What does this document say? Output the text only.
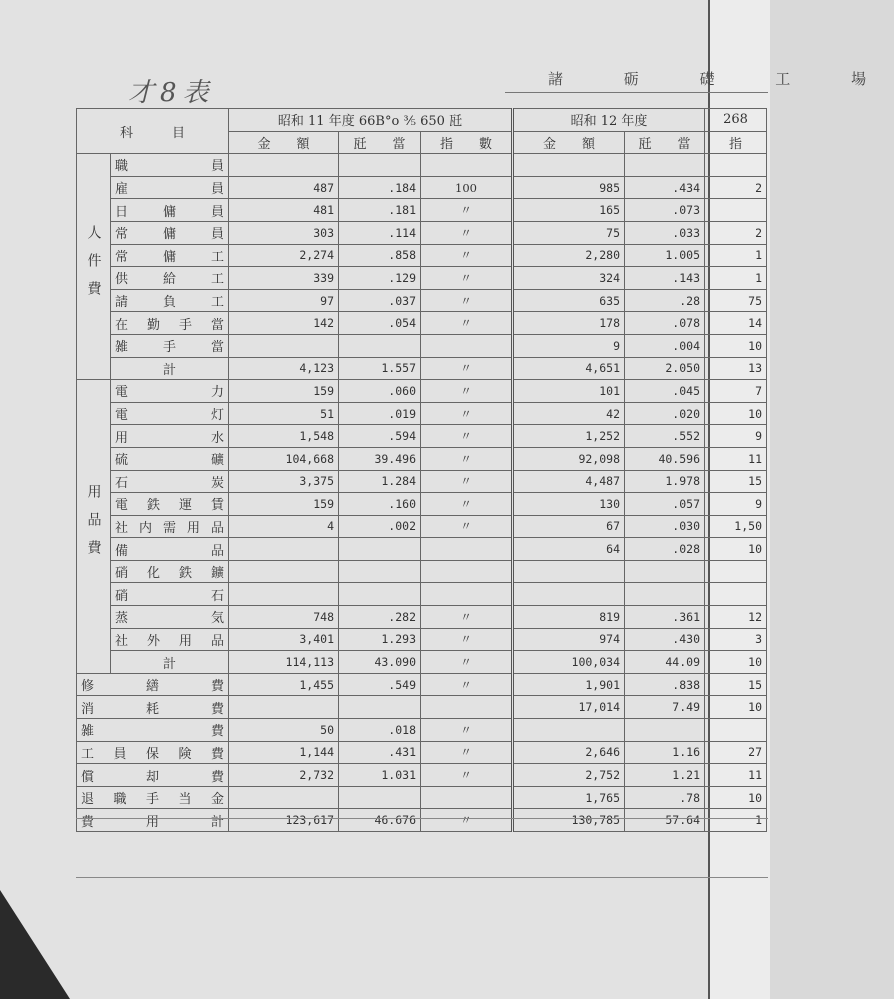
才8表	諸 砺 礎 工 場
科　　　目		昭和 11 年度 66B°o ⅗ 650 瓩			昭和 12 年度		268
		金　　額	瓩　　當	指　　數	金　　額	瓩　　當	指
人件費	職　員						
	雇　員	487	.184	100	985	.434	2
	日傭員	481	.181	〃	165	.073	
	常傭員	303	.114	〃	75	.033	2
	常傭工	2,274	.858	〃	2,280	1.005	1
	供給工	339	.129	〃	324	.143	1
	請負工	97	.037	〃	635	.28	75
	在勤手當	142	.054	〃	178	.078	14
	雑手當				9	.004	10
	計	4,123	1.557	〃	4,651	2.050	13
用品費	電　力	159	.060	〃	101	.045	7
	電　灯	51	.019	〃	42	.020	10
	用　水	1,548	.594	〃	1,252	.552	9
	硫　礦	104,668	39.496	〃	92,098	40.596	11
	石　炭	3,375	1.284	〃	4,487	1.978	15
	電鉄運賃	159	.160	〃	130	.057	9
	社内需用品	4	.002	〃	67	.030	1,50
	備　品				64	.028	10
	硝化鉄鑛						
	硝　石						
	蒸　気	748	.282	〃	819	.361	12
	社外用品	3,401	1.293	〃	974	.430	3
	計	114,113	43.090	〃	100,034	44.09	10
修　繕　費		1,455	.549	〃	1,901	.838	15
消　耗　費					17,014	7.49	10
雑　費		50	.018	〃			
工員保険費		1,144	.431	〃	2,646	1.16	27
償却費		2,732	1.031	〃	2,752	1.21	11
退職手当金					1,765	.78	10
費用計		123,617	46.676	〃	130,785	57.64	1
